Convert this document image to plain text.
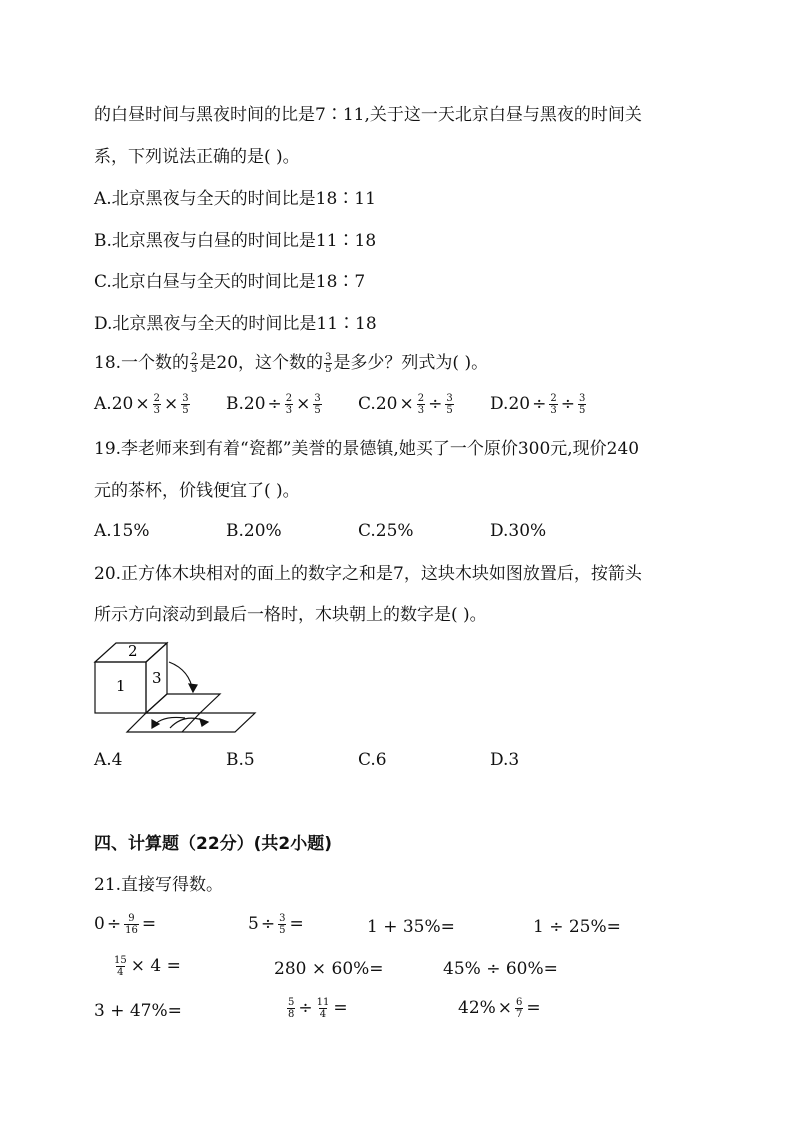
的白昼时间与黑夜时间的比是7∶11,关于这一天北京白昼与黑夜的时间关
系，下列说法正确的是( )。
A.北京黑夜与全天的时间比是18∶11
B.北京黑夜与白昼的时间比是11∶18
C.北京白昼与全天的时间比是18∶7
D.北京黑夜与全天的时间比是11∶18
18.一个数的 $\frac{2}{3}$ 是20，这个数的 $\frac{3}{5}$ 是多少？列式为( )。
$A.20 \times \frac{2}{3} \times \frac{3}{5} B.20 \div \frac{2}{3} \times \frac{3}{5} C.20 \times \frac{2}{3} \div \frac{3}{5} D.20 \div \frac{2}{3} \div \frac{3}{5}$
19.李老师来到有着“瓷都”美誉的景德镇,她买了一个原价300元,现价240
元的茶杯，价钱便宜了( )。
A.15%	B.20%	C.25%	D.30%
20.正方体木块相对的面上的数字之和是7，这块木块如图放置后，按箭头
所示方向滚动到最后一格时，木块朝上的数字是( )。
2
1 3
A.4	B.5	C.6	D.3
四、计算题（22分）(共2小题)
21.直接写得数。
$0 \div \frac{9}{16}$ =	$5 \div \frac{3}{5}$ =	1 + 35%=	1 ÷ 25%=
$\frac{15}{4} \times 4$ =	280 × 60%=	45% ÷ 60%=
3 + 47%=	$\frac{5}{8} \div \frac{11}{4}$ =	$42\% \times \frac{6}{7}$ =
